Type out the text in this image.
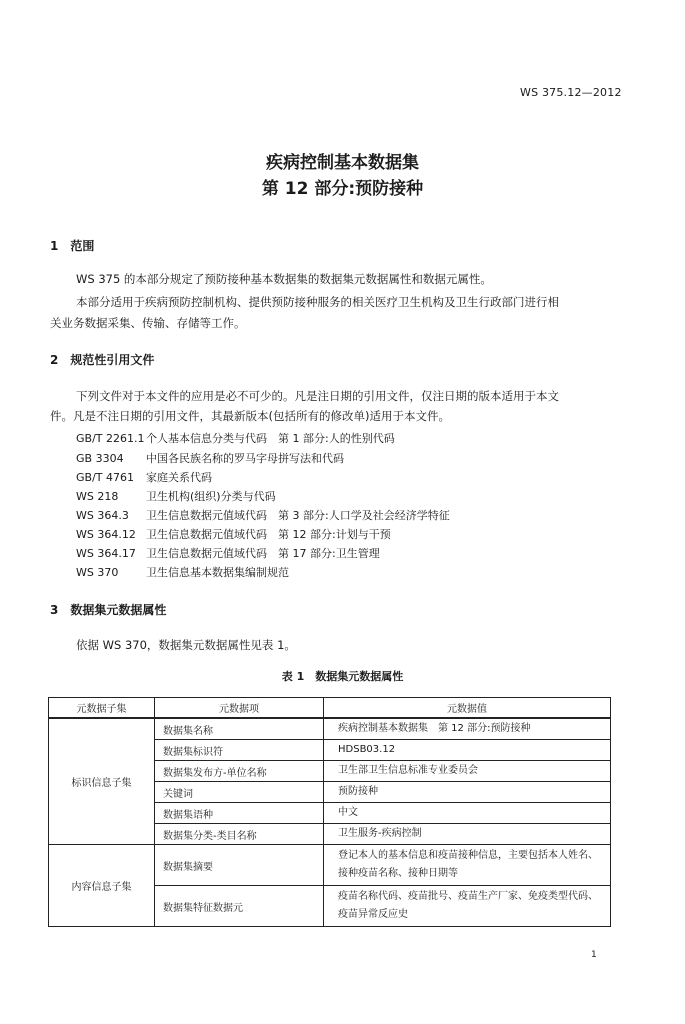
WS 375.12—2012
疾病控制基本数据集
第 12 部分:预防接种
1　范围
WS 375 的本部分规定了预防接种基本数据集的数据集元数据属性和数据元属性。
本部分适用于疾病预防控制机构、提供预防接种服务的相关医疗卫生机构及卫生行政部门进行相
关业务数据采集、传输、存储等工作。
2　规范性引用文件
下列文件对于本文件的应用是必不可少的。凡是注日期的引用文件，仅注日期的版本适用于本文
件。凡是不注日期的引用文件，其最新版本(包括所有的修改单)适用于本文件。
GB/T 2261.1 个人基本信息分类与代码　第 1 部分:人的性别代码
GB 3304 中国各民族名称的罗马字母拼写法和代码
GB/T 4761 家庭关系代码
WS 218	卫生机构(组织)分类与代码
WS 364.3 卫生信息数据元值域代码　第 3 部分:人口学及社会经济学特征
WS 364.12 卫生信息数据元值域代码　第 12 部分:计划与干预
WS 364.17 卫生信息数据元值域代码　第 17 部分:卫生管理
WS 370	卫生信息基本数据集编制规范
3　数据集元数据属性
依据 WS 370，数据集元数据属性见表 1。
表 1　数据集元数据属性
元数据子集	元数据项	元数据值
标识信息子集	数据集名称	疾病控制基本数据集　第 12 部分:预防接种
	数据集标识符	HDSB03.12
	数据集发布方-单位名称	卫生部卫生信息标准专业委员会
	关键词	预防接种
	数据集语种	中文
	数据集分类-类目名称	卫生服务-疾病控制
内容信息子集	数据集摘要	登记本人的基本信息和疫苗接种信息，主要包括本人姓名、接种疫苗名称、接种日期等
	数据集特征数据元	疫苗名称代码、疫苗批号、疫苗生产厂家、免疫类型代码、疫苗异常反应史
1
